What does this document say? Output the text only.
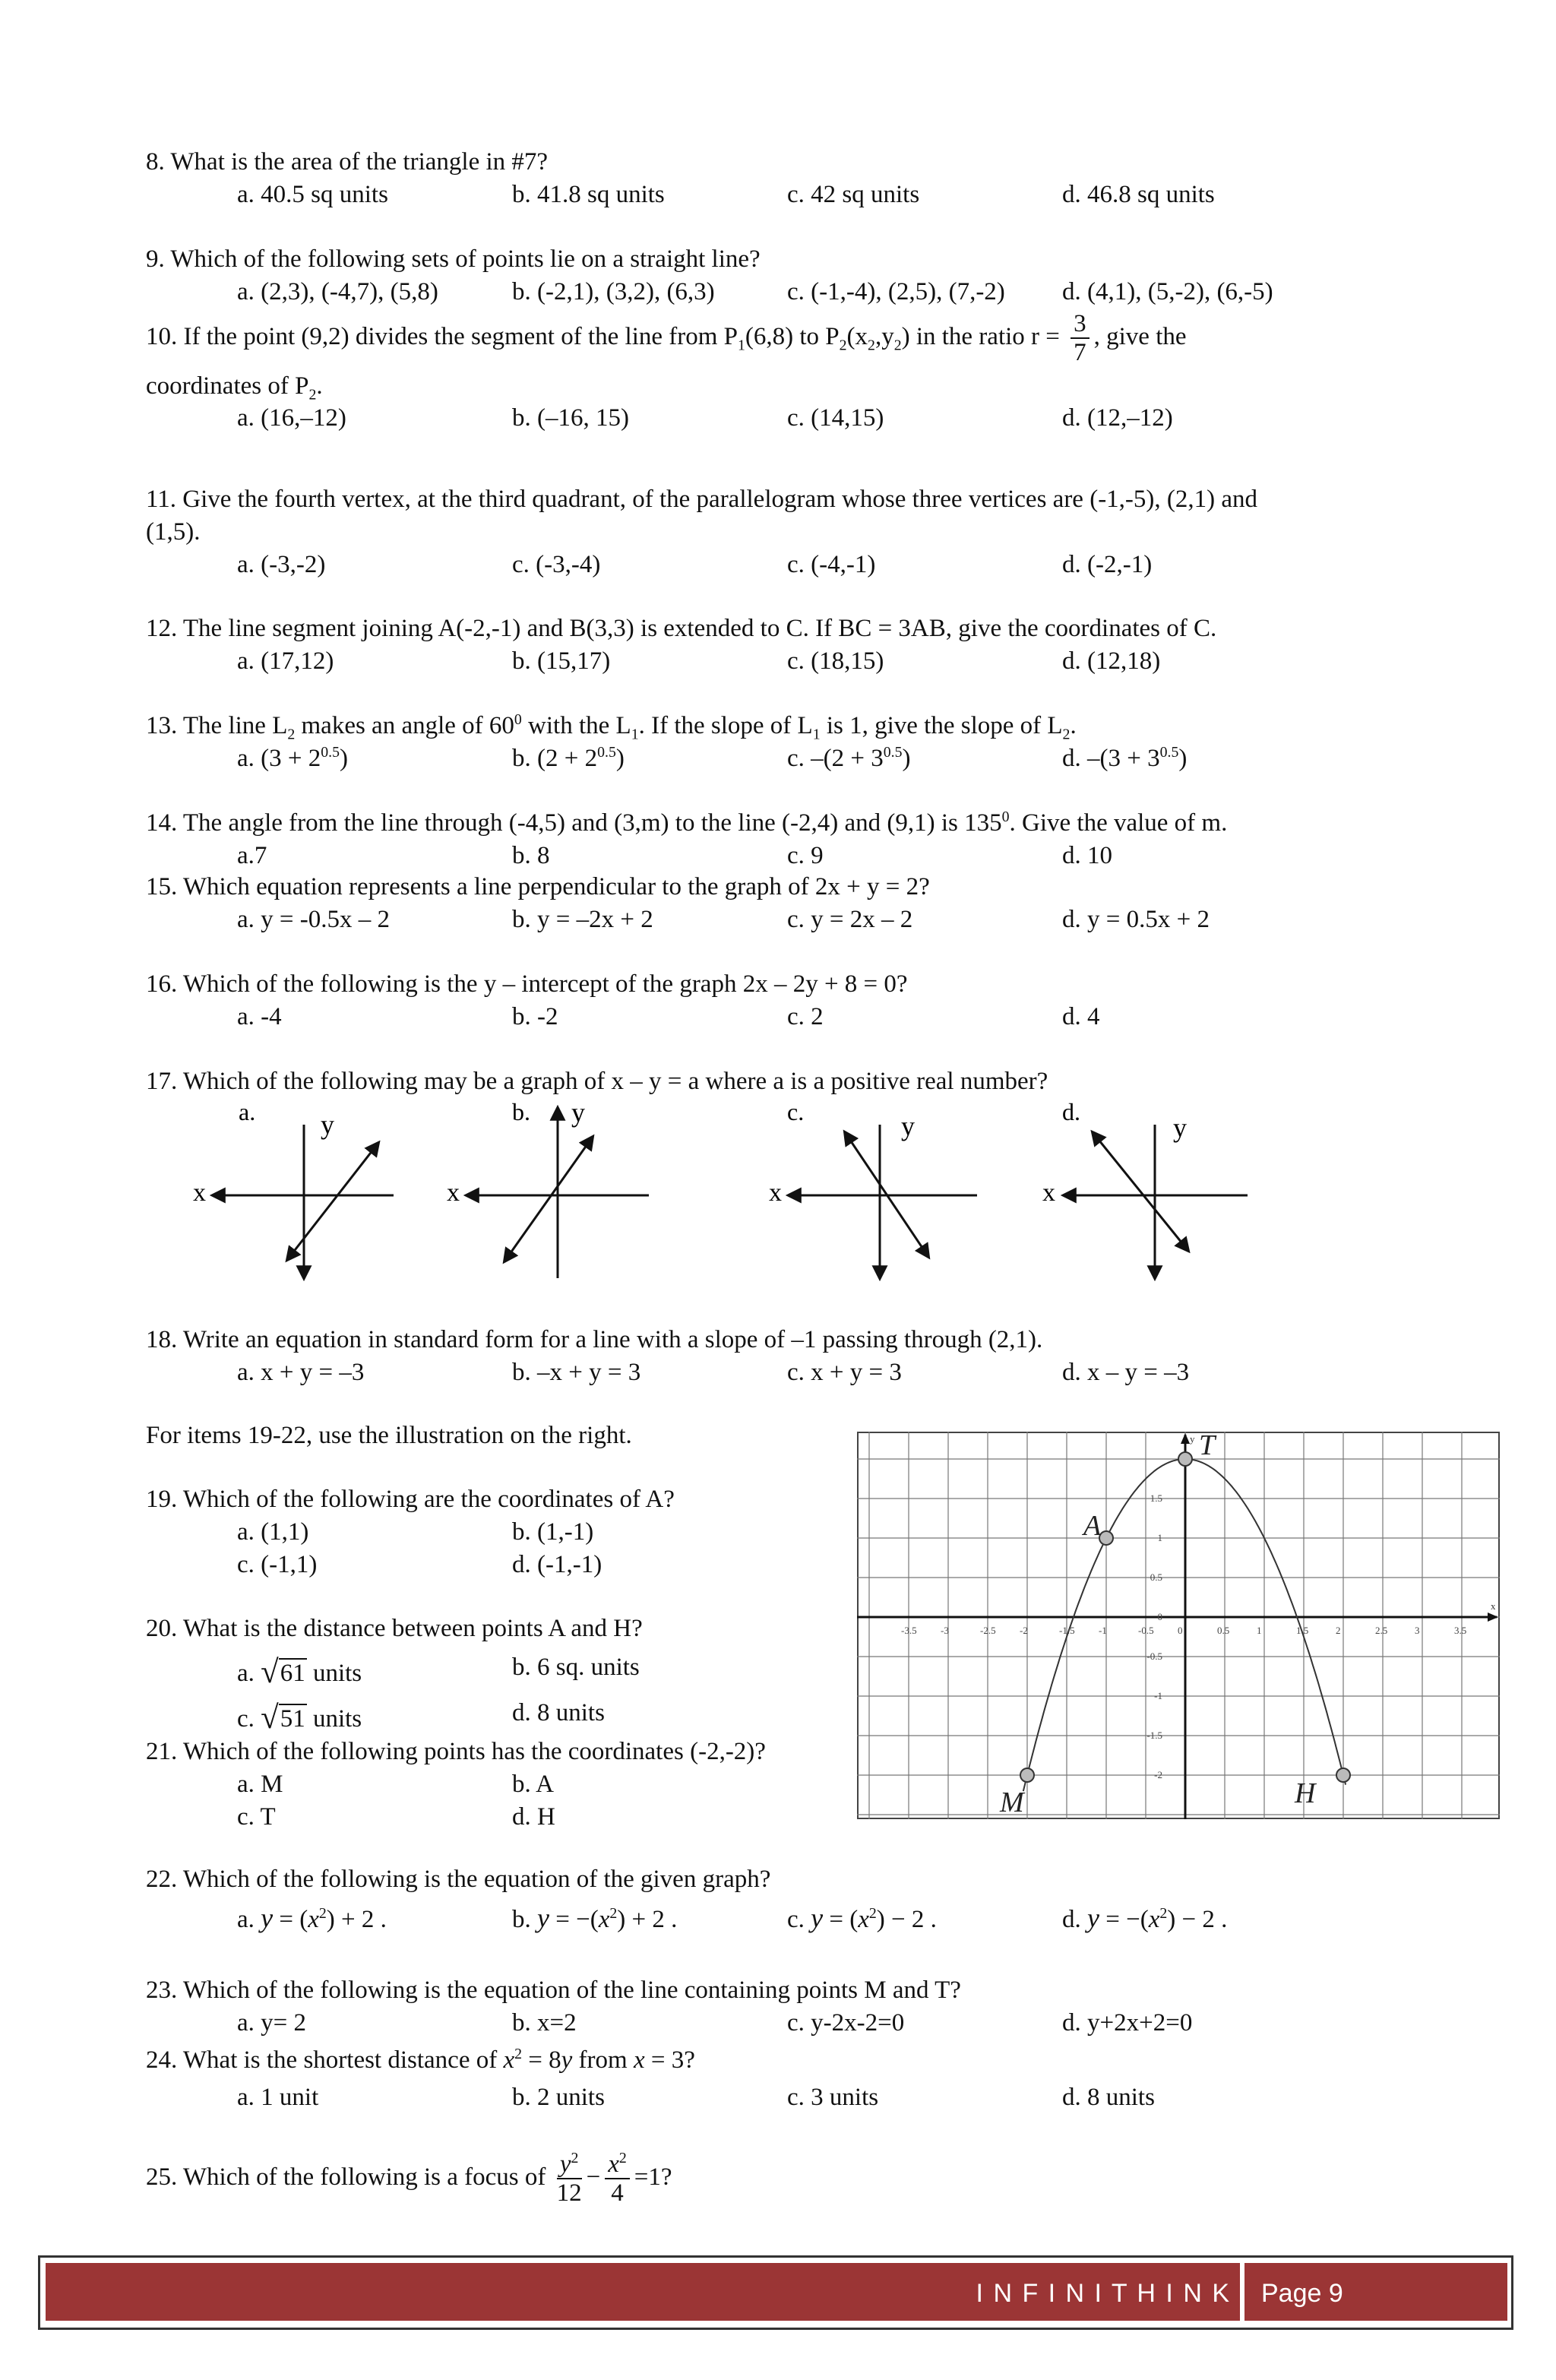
8. What is the area of the triangle in #7?
a. 40.5 sq units	b. 41.8 sq units	c. 42 sq units	d. 46.8 sq units
9. Which of the following sets of points lie on a straight line?
a. (2,3), (-4,7), (5,8)	b. (-2,1), (3,2), (6,3)	c. (-1,-4), (2,5), (7,-2) d. (4,1), (5,-2), (6,-5)
10. If the point (9,2) divides the segment of the line from $P_1(6,8)$ to $P_2(x_2,y_2)$ in the ratio $r = \frac{3}{7}$ , give the
coordinates of $P_2$.
a. (16,–12)	b. (–16, 15)	c. (14,15)	d. (12,–12)
11. Give the fourth vertex, at the third quadrant, of the parallelogram whose three vertices are (-1,-5), (2,1) and
(1,5).
a. (-3,-2)	c. (-3,-4)	c. (-4,-1)	d. (-2,-1)
12. The line segment joining A(-2,-1) and B(3,3) is extended to C. If BC = 3AB, give the coordinates of C.
a. (17,12)	b. (15,17)	c. (18,15)	d. (12,18)
13. The line $L_2$ makes an angle of $60^0$ with the $L_1$. If the slope of $L_1$ is 1, give the slope of $L_2$.
a. $(3 + 2^{0.5})$	b. $(2 + 2^{0.5})$	c. $-(2 + 3^{0.5})$	d. $-(3 + 3^{0.5})$
14. The angle from the line through (-4,5) and (3,m) to the line (-2,4) and (9,1) is $135^0$. Give the value of m.
a.7	b. 8	c. 9	d. 10
15. Which equation represents a line perpendicular to the graph of 2x + y = 2?
a. y = -0.5x – 2	b. y = –2x + 2	c. y = 2x – 2	d. y = 0.5x + 2
16. Which of the following is the y – intercept of the graph 2x – 2y + 8 = 0?
a. -4	b. -2	c. 2	d. 4
17. Which of the following may be a graph of x – y = a where a is a positive real number?
a. y
x
b. y
x
c.	y
x
d.
y
x
18. Write an equation in standard form for a line with a slope of –1 passing through (2,1).
a. x + y = –3	b. –x + y = 3	c. x + y = 3	d. x – y = –3
For items 19-22, use the illustration on the right.
19. Which of the following are the coordinates of A?
a. (1,1)	b. (1,-1)
c. (-1,1)	d. (-1,-1)
20. What is the distance between points A and H?
a. √61 units	b. 6 sq. units
c. √51 units	d. 8 units
21. Which of the following points has the coordinates (-2,-2)?
a. M	b. A
c. T	d. H
x
y
-3.5 -3	-2.5 -2	-1.5 -1	-0.5 0	0.5	1	1.5	2	2.5	3	3.5
1.5
1
0.5
0
-0.5
-1
-1.5
-2
T
A
M	H
22. Which of the following is the equation of the given graph?
a. $y = (x^2) + 2$ .	b. $y = -(x^2) + 2$ .	c. $y = (x^2) - 2$ .	d. $y = -(x^2) - 2$ .
23. Which of the following is the equation of the line containing points M and T?
a. y= 2	b. x=2	c. y-2x-2=0	d. y+2x+2=0
24. What is the shortest distance of $x^2 = 8y$ from x = 3?
a. 1 unit	b. 2 units	c. 3 units	d. 8 units
25. Which of the following is a focus of $\frac{y^2}{12} - \frac{x^2}{4} =1$?
I N F I N I T H I N K Page 9
